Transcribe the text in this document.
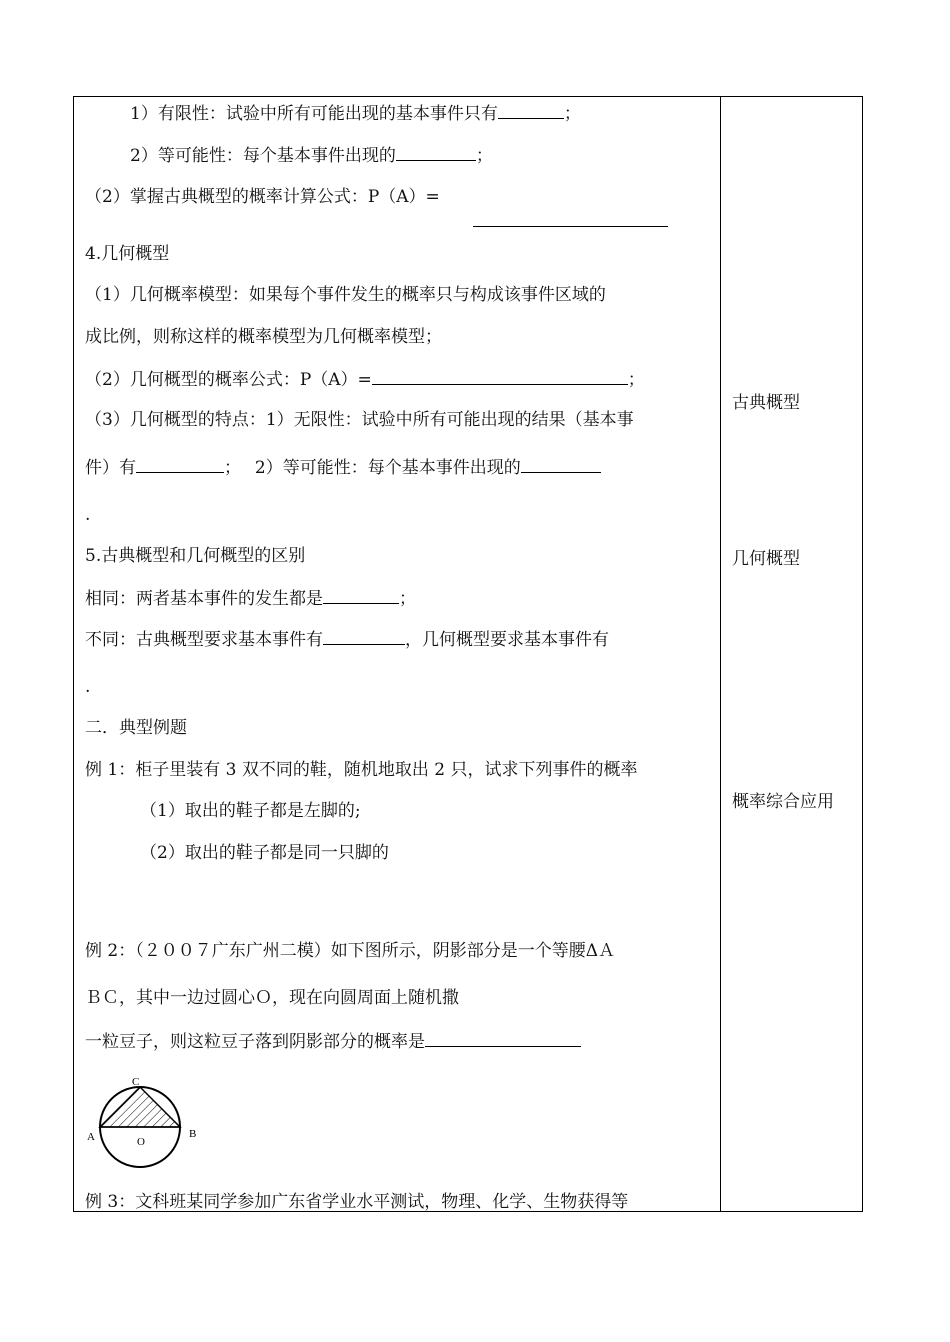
1）有限性：试验中所有可能出现的基本事件只有	；
2）等可能性：每个基本事件出现的	；
（2）掌握古典概型的概率计算公式：P（A）=
4.几何概型
（1）几何概率模型：如果每个事件发生的概率只与构成该事件区域的
成比例，则称这样的概率模型为几何概率模型；
（2）几何概型的概率公式：P（A）=	；
（3）几何概型的特点：1）无限性：试验中所有可能出现的结果（基本事
件）有	；　 2）等可能性：每个基本事件出现的
.
5.古典概型和几何概型的区别
相同：两者基本事件的发生都是	；
不同：古典概型要求基本事件有	，几何概型要求基本事件有
.
二．典型例题
例 1：柜子里装有 3 双不同的鞋，随机地取出 2 只，试求下列事件的概率
（1）取出的鞋子都是左脚的;
（2）取出的鞋子都是同一只脚的
例 2：（２００７广东广州二模）如下图所示，阴影部分是一个等腰ΔＡ
ＢＣ，其中一边过圆心Ｏ，现在向圆周面上随机撒
一粒豆子，则这粒豆子落到阴影部分的概率是
A	B
C
O
例 3：文科班某同学参加广东省学业水平测试，物理、化学、生物获得等
古典概型
几何概型
概率综合应用
